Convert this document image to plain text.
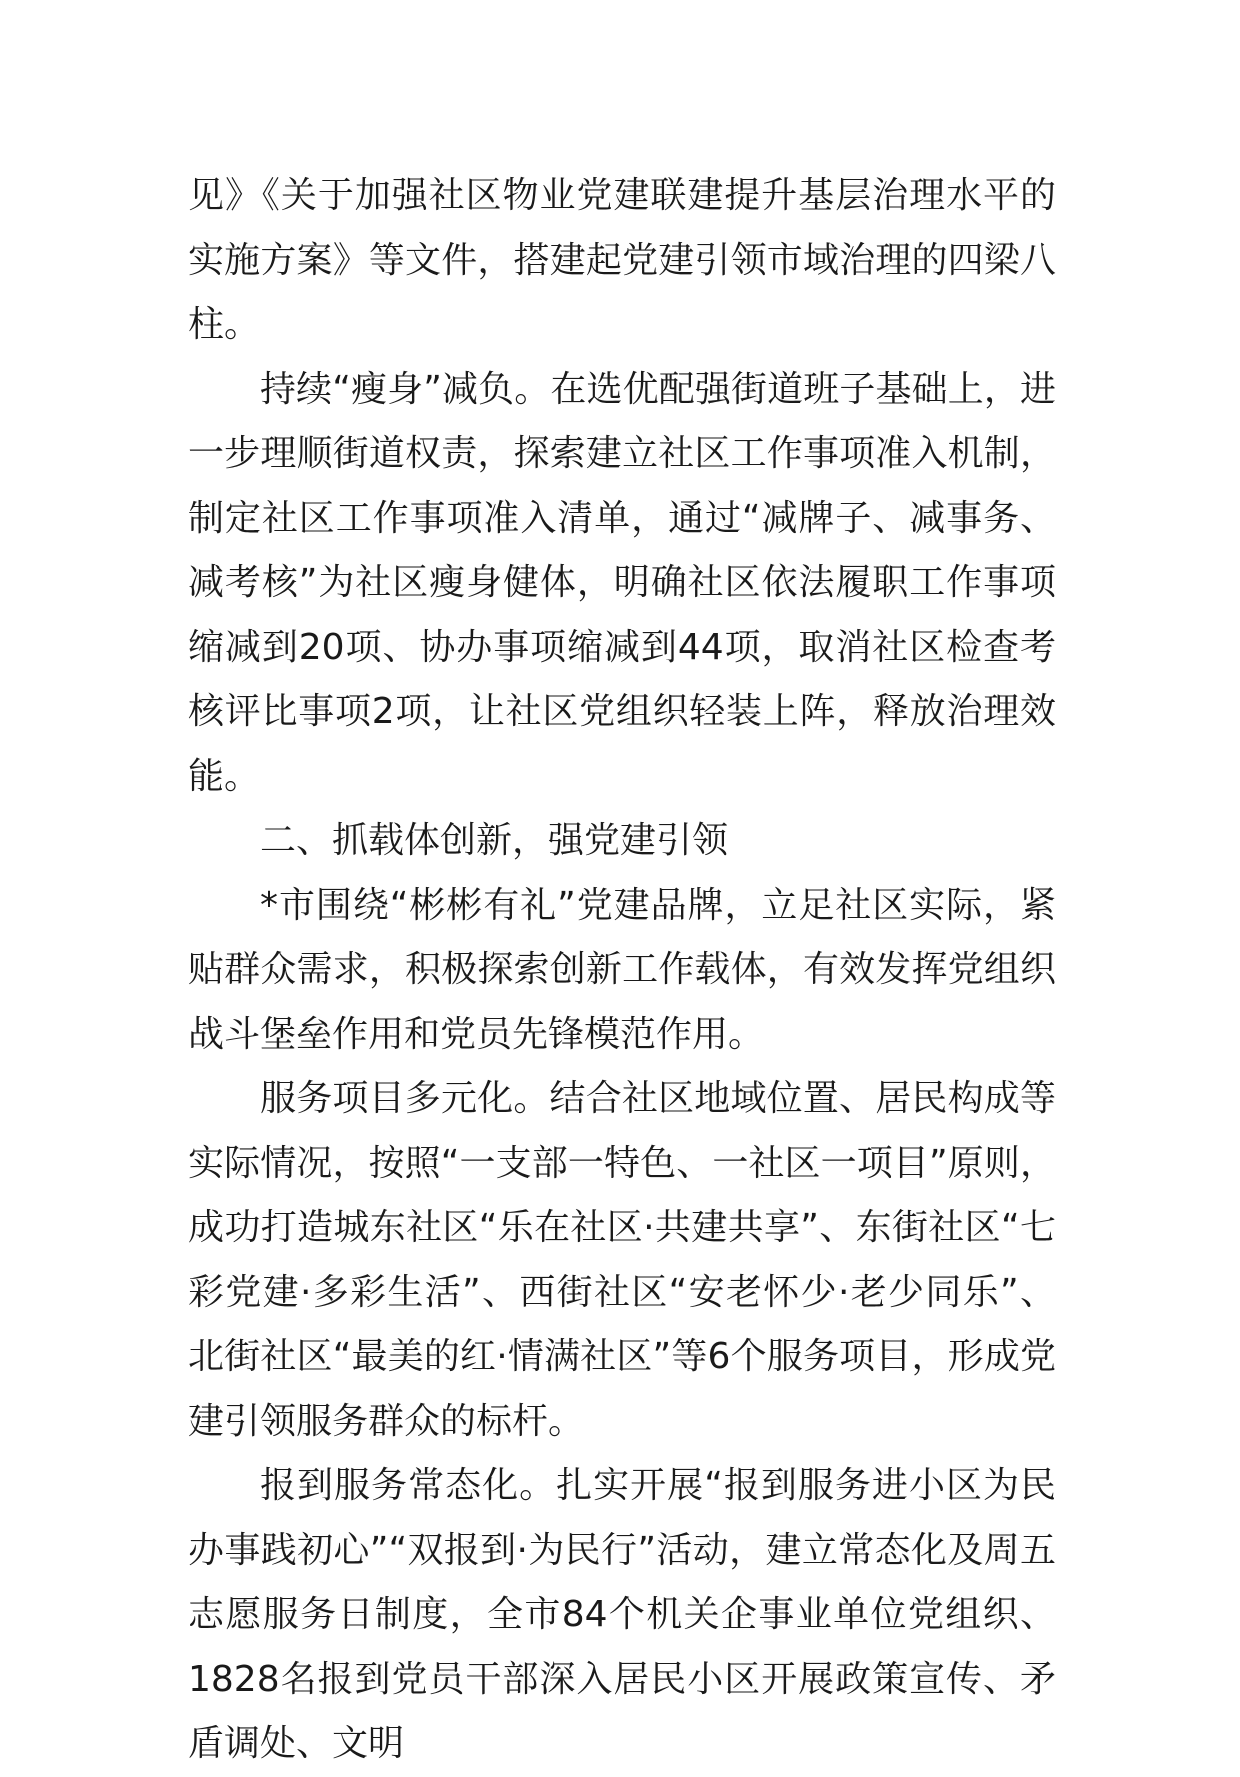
见》《关于加强社区物业党建联建提升基层治理水平的实施方案》等文件，搭建起党建引领市域治理的四梁八柱。

持续“瘦身”减负。在选优配强街道班子基础上，进一步理顺街道权责，探索建立社区工作事项准入机制，制定社区工作事项准入清单，通过“减牌子、减事务、减考核”为社区瘦身健体，明确社区依法履职工作事项缩减到20项、协办事项缩减到44项，取消社区检查考核评比事项2项，让社区党组织轻装上阵，释放治理效能。

二、抓载体创新，强党建引领

*市围绕“彬彬有礼”党建品牌，立足社区实际，紧贴群众需求，积极探索创新工作载体，有效发挥党组织战斗堡垒作用和党员先锋模范作用。

服务项目多元化。结合社区地域位置、居民构成等实际情况，按照“一支部一特色、一社区一项目”原则，成功打造城东社区“乐在社区·共建共享”、东街社区“七彩党建·多彩生活”、西街社区“安老怀少·老少同乐”、北街社区“最美的红·情满社区”等6个服务项目，形成党建引领服务群众的标杆。

报到服务常态化。扎实开展“报到服务进小区为民办事践初心”“双报到·为民行”活动，建立常态化及周五志愿服务日制度，全市84个机关企事业单位党组织、1828名报到党员干部深入居民小区开展政策宣传、矛盾调处、文明
